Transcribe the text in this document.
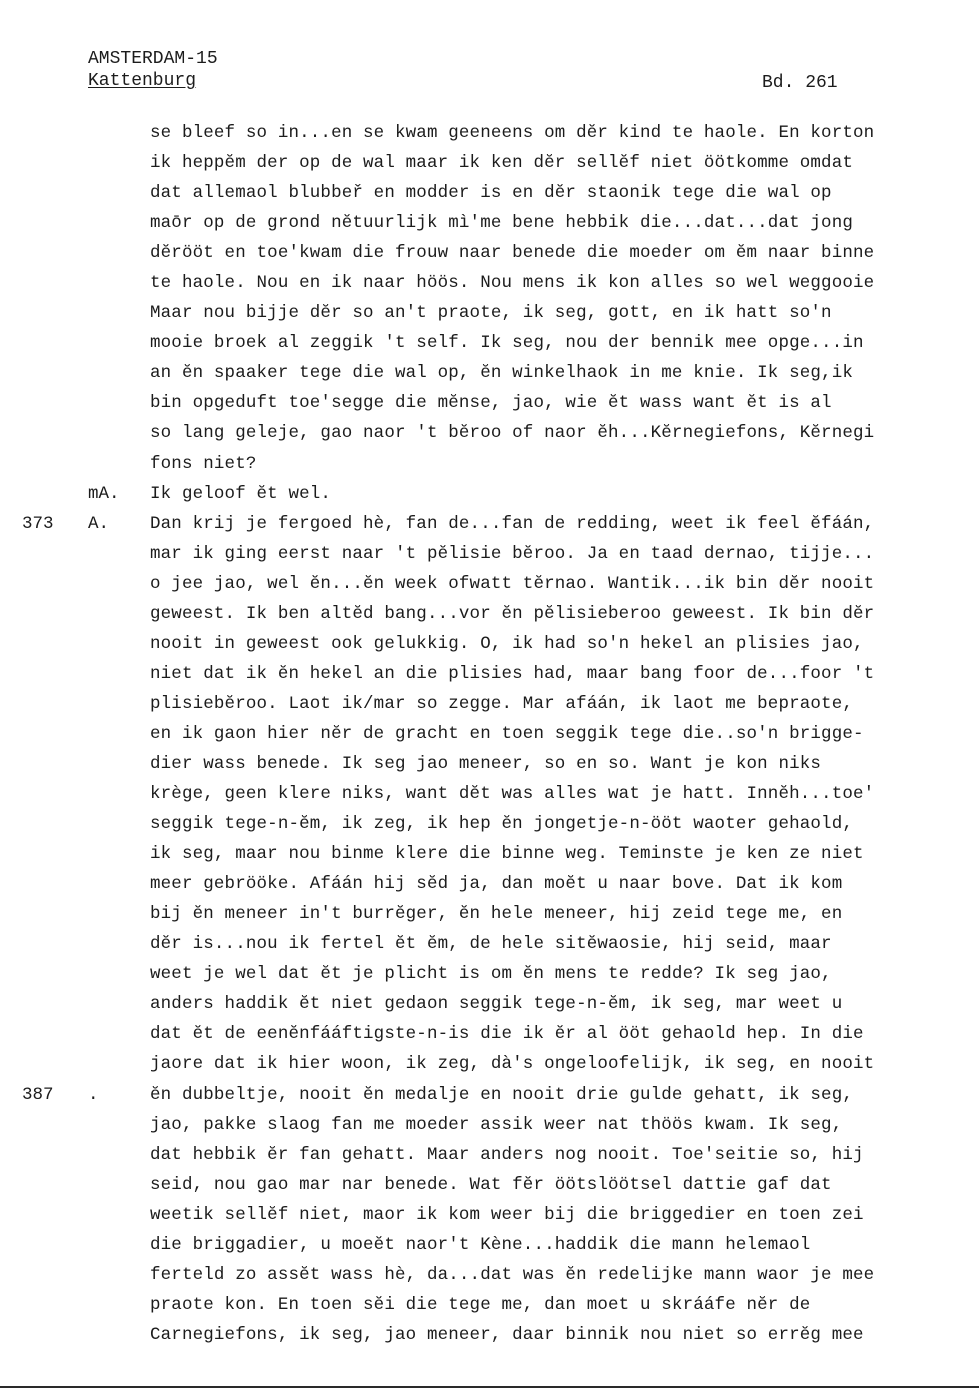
AMSTERDAM-15
Kattenburg	Bd. 261
se bleef so in...en se kwam geeneens om dĕr kind te haole. En korton
ik heppĕm der op de wal maar ik ken dĕr sellĕf niet öötkomme omdat
dat allemaol blubbeř en modder is en dĕr staonik tege die wal op
maōr op de grond nĕtuurlijk mì'me bene hebbik die...dat...dat jong
dĕrööt en toe'kwam die frouw naar benede die moeder om ĕm naar binne
te haole. Nou en ik naar höös. Nou mens ik kon alles so wel weggooie
Maar nou bijje dĕr so an't praote, ik seg, gott, en ik hatt so'n
mooie broek al zeggik 't self. Ik seg, nou der bennik mee opge...in
an ĕn spaaker tege die wal op, ĕn winkelhaok in me knie. Ik seg,ik
bin opgeduft toe'segge die mĕnse, jao, wie ĕt wass want ĕt is al
so lang geleje, gao naor 't bĕroo of naor ĕh...Kĕrnegiefons, Kĕrnegi
fons niet?
mA. Ik geloof ĕt wel.
373 A. Dan krij je fergoed hè, fan de...fan de redding, weet ik feel ĕfáán,
mar ik ging eerst naar 't pĕlisie bĕroo. Ja en taad dernao, tijje...
o jee jao, wel ĕn...ĕn week ofwatt tĕrnao. Wantik...ik bin dĕr nooit
geweest. Ik ben altĕd bang...vor ĕn pĕlisieberoo geweest. Ik bin dĕr
nooit in geweest ook gelukkig. O, ik had so'n hekel an plisies jao,
niet dat ik ĕn hekel an die plisies had, maar bang foor de...foor 't
plisiebĕroo. Laot ik/mar so zegge. Mar afáán, ik laot me bepraote,
en ik gaon hier nĕr de gracht en toen seggik tege die..so'n brigge-
dier wass benede. Ik seg jao meneer, so en so. Want je kon niks
krège, geen klere niks, want dĕt was alles wat je hatt. Innĕh...toe'
seggik tege-n-ĕm, ik zeg, ik hep ĕn jongetje-n-ööt waoter gehaold,
ik seg, maar nou binme klere die binne weg. Teminste je ken ze niet
meer gebrööke. Afáán hij sĕd ja, dan moĕt u naar bove. Dat ik kom
bij ĕn meneer in't burrĕger, ĕn hele meneer, hij zeid tege me, en
dĕr is...nou ik fertel ĕt ĕm, de hele sitĕwaosie, hij seid, maar
weet je wel dat ĕt je plicht is om ĕn mens te redde? Ik seg jao,
anders haddik ĕt niet gedaon seggik tege-n-ĕm, ik seg, mar weet u
dat ĕt de eenĕnfááftigste-n-is die ik ĕr al ööt gehaold hep. In die
jaore dat ik hier woon, ik zeg, dà's ongeloofelijk, ik seg, en nooit
387 .	ĕn dubbeltje, nooit ĕn medalje en nooit drie gulde gehatt, ik seg,
jao, pakke slaog fan me moeder assik weer nat thöös kwam. Ik seg,
dat hebbik ĕr fan gehatt. Maar anders nog nooit. Toe'seitie so, hij
seid, nou gao mar nar benede. Wat fĕr öötslöötsel dattie gaf dat
weetik sellĕf niet, maor ik kom weer bij die briggedier en toen zei
die briggadier, u moeĕt naor't Kène...haddik die mann helemaol
ferteld zo assĕt wass hè, da...dat was ĕn redelijke mann waor je mee
praote kon. En toen sĕi die tege me, dan moet u skrááfe nĕr de
Carnegiefons, ik seg, jao meneer, daar binnik nou niet so errĕg mee
